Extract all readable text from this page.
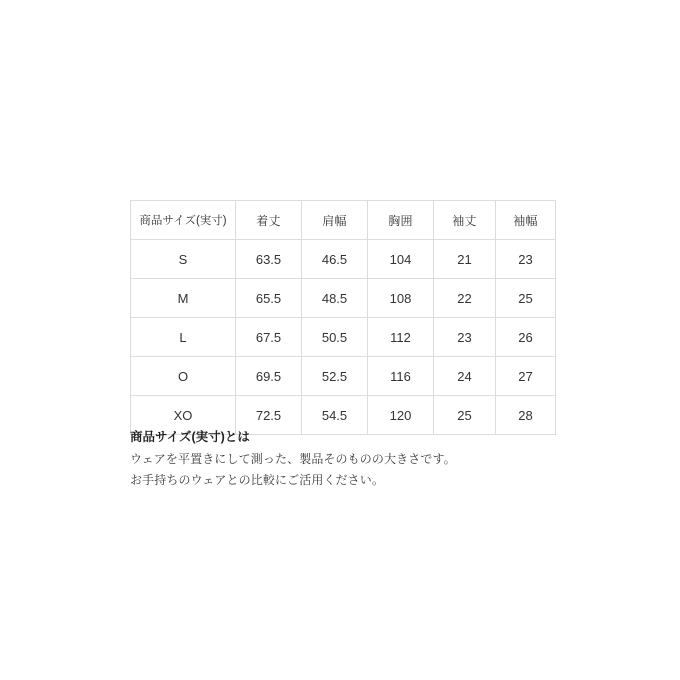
商品サイズ(実寸)	着丈	肩幅	胸囲	袖丈	袖幅
S	63.5	46.5	104	21	23
M	65.5	48.5	108	22	25
L	67.5	50.5	112	23	26
O	69.5	52.5	116	24	27
XO	72.5	54.5	120	25	28

商品サイズ(実寸)とは

ウェアを平置きにして測った、製品そのものの大きさです。

お手持ちのウェアとの比較にご活用ください。
